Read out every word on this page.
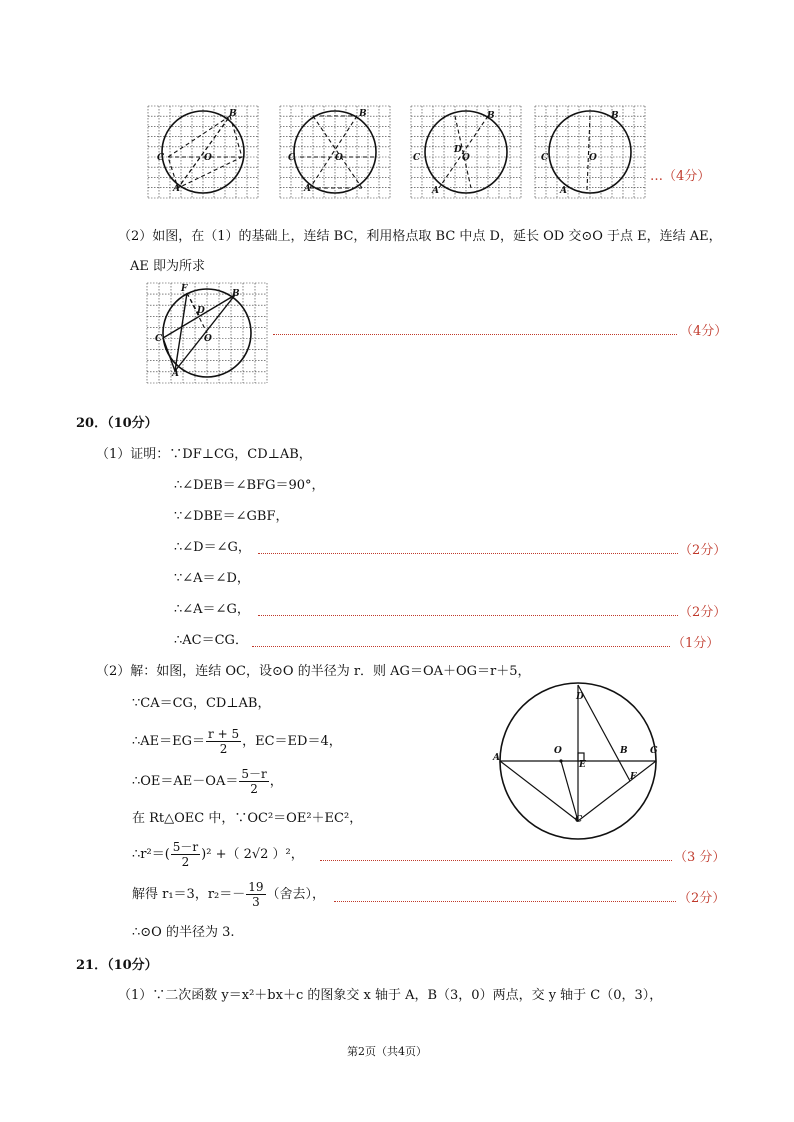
B
C	O
A
B
C	O
A
B
C
D
O
A
B
C	O
A
…（4分）
（2）如图，在（1）的基础上，连结 BC，利用格点取 BC 中点 D，延长 OD 交⊙O 于点 E，连结 AE，
AE 即为所求
F	B
D
C	O
A
（4分）
20．（10分）
（1）证明：∵DF⊥CG，CD⊥AB，
∴∠DEB＝∠BFG＝90°，
∵∠DBE＝∠GBF，
∴∠D＝∠G，	（2分）
∵∠A＝∠D，
∴∠A＝∠G，	（2分）
∴AC＝CG．	（1分）
（2）解：如图，连结 OC，设⊙O 的半径为 r．则 AG＝OA＋OG＝r＋5，
∵CA＝CG，CD⊥AB，
∴AE＝EG＝ $\frac{r + 5}{2}$ ，EC＝ED＝4，
∴OE＝AE－OA＝ $\frac{5-r}{2}$ ，
在 Rt△OEC 中，∵OC²＝OE²＋EC²，
∴r²＝( $\frac{5-r}{2} )^2$ +（ 2√2 ）²，	（3 分）
解得 r₁＝3，$r_2=- \frac{19}{3}$ （舍去），	（2分）
∴⊙O 的半径为 3.
D
A
O
E
B G
F
C
21．（10分）
（1）∵二次函数 y＝x²＋bx＋c 的图象交 x 轴于 A，B（3，0）两点，交 y 轴于 C（0，3），
第2页（共4页）
